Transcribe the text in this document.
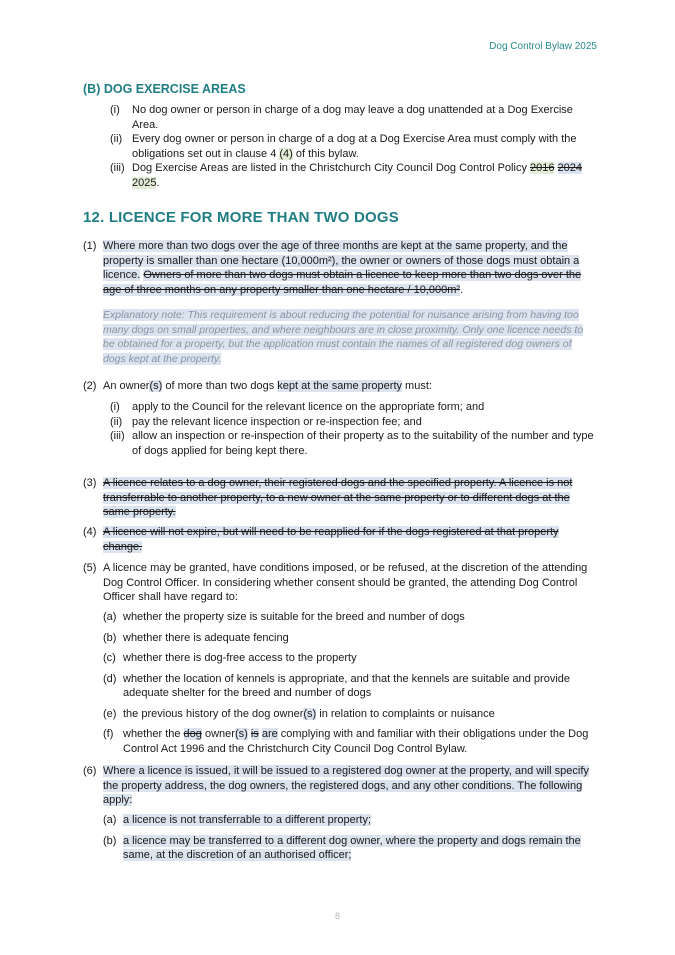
Dog Control Bylaw 2025
(B) DOG EXERCISE AREAS
(i) No dog owner or person in charge of a dog may leave a dog unattended at a Dog Exercise Area.
(ii) Every dog owner or person in charge of a dog at a Dog Exercise Area must comply with the obligations set out in clause 4 (4) of this bylaw.
(iii) Dog Exercise Areas are listed in the Christchurch City Council Dog Control Policy 2016 2024 2025.
12. LICENCE FOR MORE THAN TWO DOGS
(1) Where more than two dogs over the age of three months are kept at the same property, and the property is smaller than one hectare (10,000m²), the owner or owners of those dogs must obtain a licence. Owners of more than two dogs must obtain a licence to keep more than two dogs over the age of three months on any property smaller than one hectare / 10,000m².
Explanatory note: This requirement is about reducing the potential for nuisance arising from having too many dogs on small properties, and where neighbours are in close proximity. Only one licence needs to be obtained for a property, but the application must contain the names of all registered dog owners of dogs kept at the property.
(2) An owner(s) of more than two dogs kept at the same property must:
(i) apply to the Council for the relevant licence on the appropriate form; and
(ii) pay the relevant licence inspection or re-inspection fee; and
(iii) allow an inspection or re-inspection of their property as to the suitability of the number and type of dogs applied for being kept there.
(3) A licence relates to a dog owner, their registered dogs and the specified property. A licence is not transferrable to another property, to a new owner at the same property or to different dogs at the same property.
(4) A licence will not expire, but will need to be reapplied for if the dogs registered at that property change.
(5) A licence may be granted, have conditions imposed, or be refused, at the discretion of the attending Dog Control Officer. In considering whether consent should be granted, the attending Dog Control Officer shall have regard to:
(a) whether the property size is suitable for the breed and number of dogs
(b) whether there is adequate fencing
(c) whether there is dog-free access to the property
(d) whether the location of kennels is appropriate, and that the kennels are suitable and provide adequate shelter for the breed and number of dogs
(e) the previous history of the dog owner(s) in relation to complaints or nuisance
(f) whether the dog owner(s) is are complying with and familiar with their obligations under the Dog Control Act 1996 and the Christchurch City Council Dog Control Bylaw.
(6) Where a licence is issued, it will be issued to a registered dog owner at the property, and will specify the property address, the dog owners, the registered dogs, and any other conditions. The following apply:
(a) a licence is not transferrable to a different property;
(b) a licence may be transferred to a different dog owner, where the property and dogs remain the same, at the discretion of an authorised officer;
8
